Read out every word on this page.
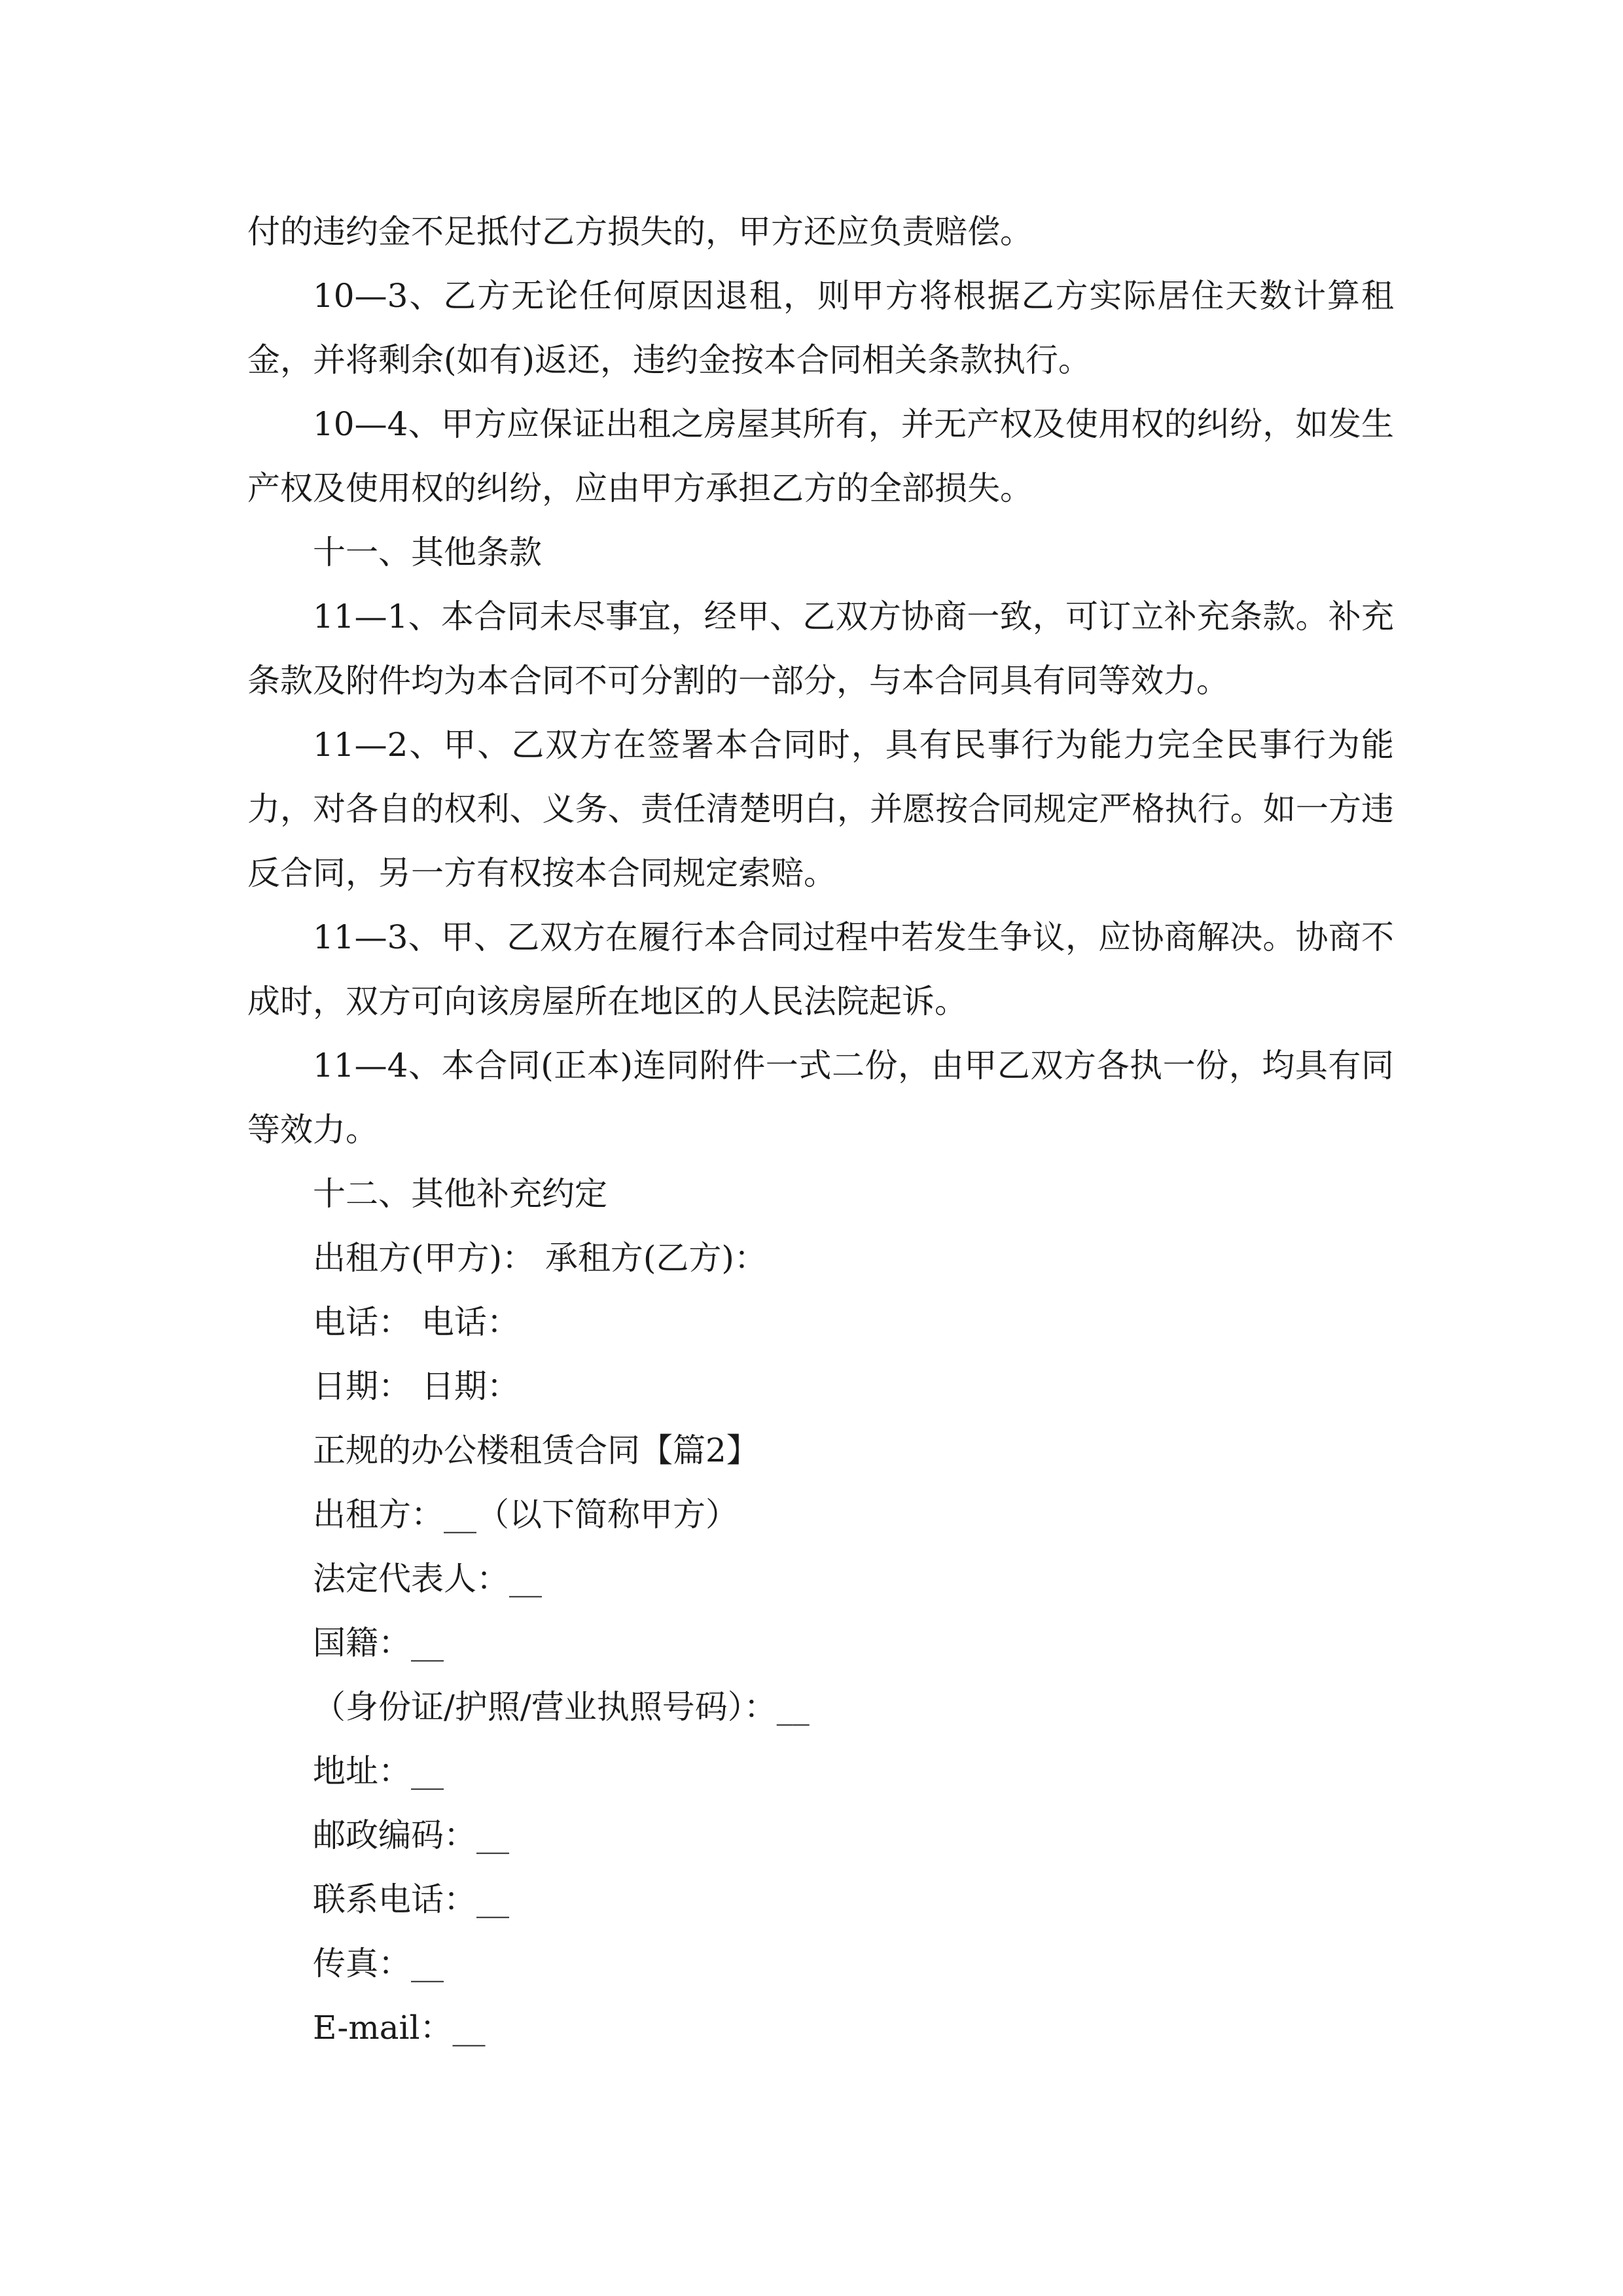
付的违约金不足抵付乙方损失的，甲方还应负责赔偿。

10—3、乙方无论任何原因退租，则甲方将根据乙方实际居住天数计算租金，并将剩余(如有)返还，违约金按本合同相关条款执行。

10—4、甲方应保证出租之房屋其所有，并无产权及使用权的纠纷，如发生产权及使用权的纠纷，应由甲方承担乙方的全部损失。

十一、其他条款

11—1、本合同未尽事宜，经甲、乙双方协商一致，可订立补充条款。补充条款及附件均为本合同不可分割的一部分，与本合同具有同等效力。

11—2、甲、乙双方在签署本合同时，具有民事行为能力完全民事行为能力，对各自的权利、义务、责任清楚明白，并愿按合同规定严格执行。如一方违反合同，另一方有权按本合同规定索赔。

11—3、甲、乙双方在履行本合同过程中若发生争议，应协商解决。协商不成时，双方可向该房屋所在地区的人民法院起诉。

11—4、本合同(正本)连同附件一式二份，由甲乙双方各执一份，均具有同等效力。

十二、其他补充约定

出租方(甲方)： 承租方(乙方)：

电话： 电话：

日期： 日期：

正规的办公楼租赁合同【篇2】

出租方：__（以下简称甲方）

法定代表人：__

国籍：__

（身份证/护照/营业执照号码）：__

地址：__

邮政编码：__

联系电话：__

传真：__

E-mail：__
